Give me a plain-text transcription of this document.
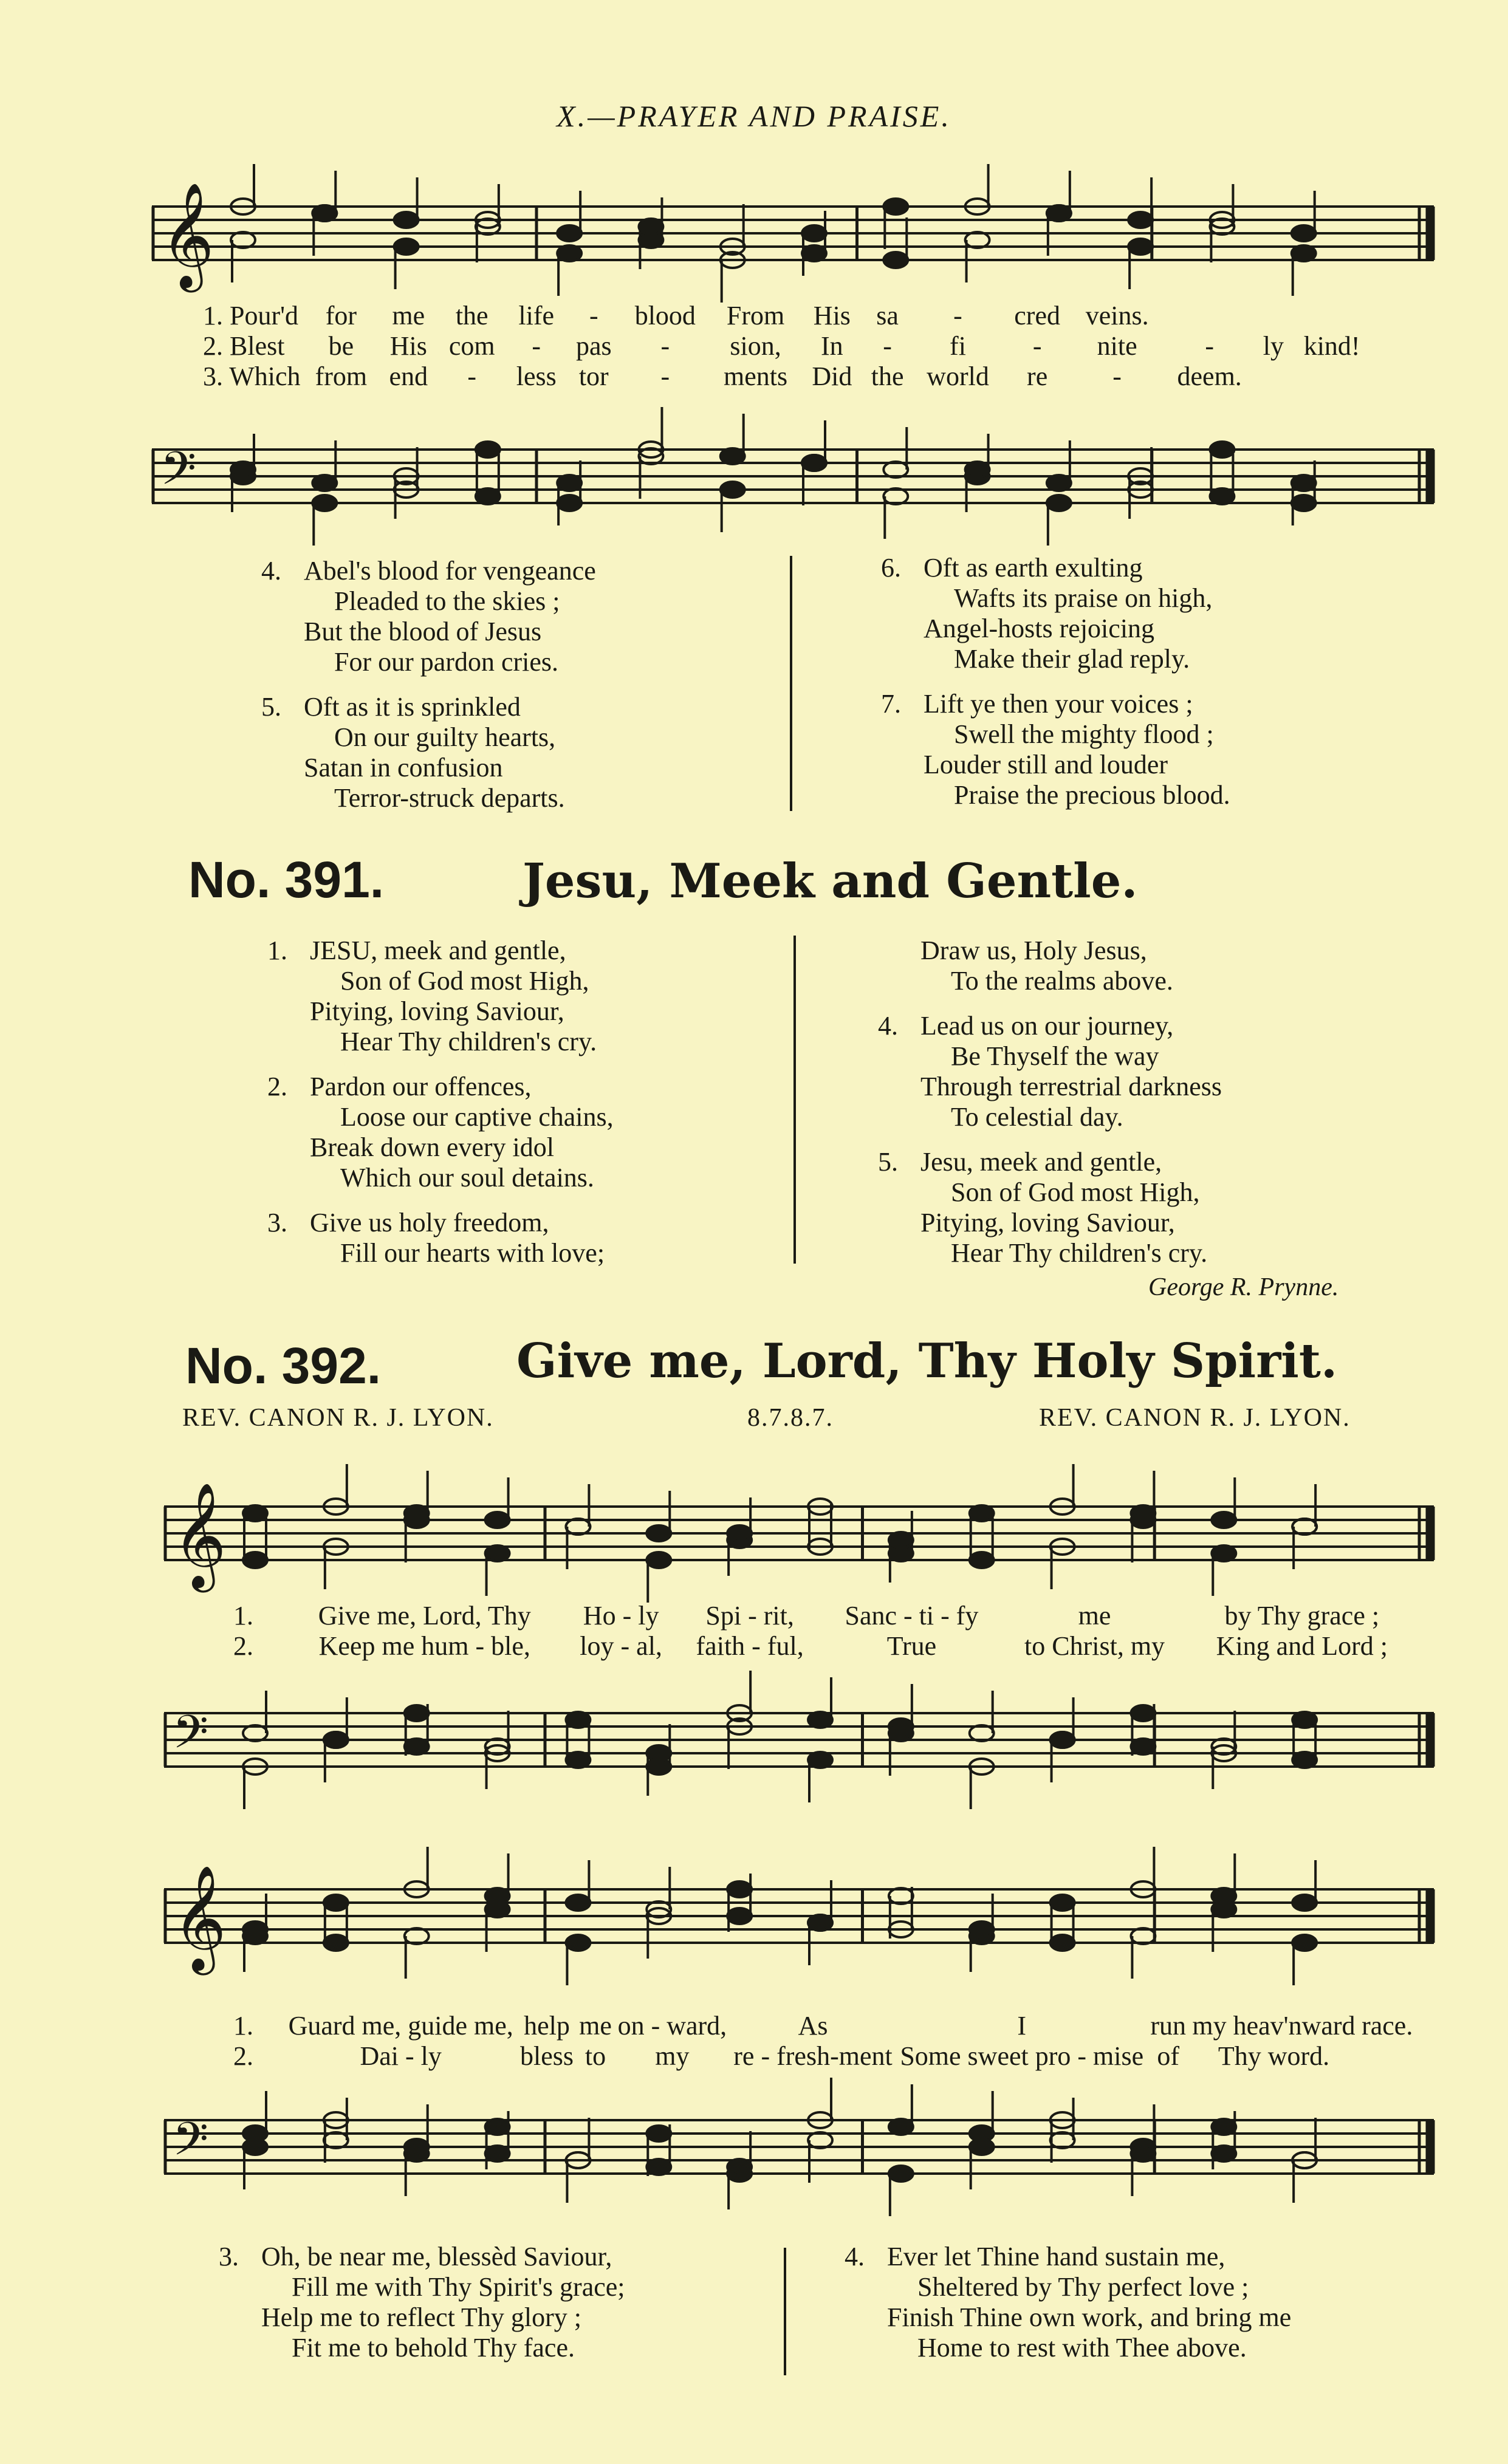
X.—PRAYER AND PRAISE.
𝄞
1. Pour'd	for	me	the	life	-	blood	From	His	sa	-	cred	veins.			
2. Blest	be	His	com	-	pas	-	sion,	In	-	fi	-	nite	-	ly	kind!
3. Which	from	end	-	less	tor	-	ments	Did	the	world	re	-	deem.		
𝄢
4. Abel's blood for vengeance
Pleaded to the skies ;
But the blood of Jesus
For our pardon cries.
5. Oft as it is sprinkled
On our guilty hearts,
Satan in confusion
Terror-struck departs.
6. Oft as earth exulting
Wafts its praise on high,
Angel-hosts rejoicing
Make their glad reply.
7. Lift ye then your voices ;
Swell the mighty flood ;
Louder still and louder
Praise the precious blood.
No. 391.	Jesu, Meek and Gentle.
1. JESU, meek and gentle,
Son of God most High,
Pitying, loving Saviour,
Hear Thy children's cry.
2. Pardon our offences,
Loose our captive chains,
Break down every idol
Which our soul detains.
3. Give us holy freedom,
Fill our hearts with love;
Draw us, Holy Jesus,
To the realms above.
4. Lead us on our journey,
Be Thyself the way
Through terrestrial darkness
To celestial day.
5. Jesu, meek and gentle,
Son of God most High,
Pitying, loving Saviour,
Hear Thy children's cry.
George R. Prynne.
No. 392.	Give me, Lord, Thy Holy Spirit.
REV. CANON R. J. LYON.	8.7.8.7.	REV. CANON R. J. LYON.
𝄞
1.	Give me, Lord, Thy	Ho - ly	Spi - rit,	Sanc - ti - fy	me	by Thy grace ;
2.	Keep me hum - ble,	loy - al,	faith - ful,	True	to Christ, my	King and Lord ;
𝄢
𝄞
1.	Guard me, guide me,	help	me	on - ward,	As	I	run	my heav'nward	race.
2.	Dai - ly	bless	to	my	re - fresh-ment	Some sweet pro - mise	of	Thy word.	
𝄢
3. Oh, be near me, blessèd Saviour,
Fill me with Thy Spirit's grace;
Help me to reflect Thy glory ;
Fit me to behold Thy face.
4. Ever let Thine hand sustain me,
Sheltered by Thy perfect love ;
Finish Thine own work, and bring me
Home to rest with Thee above.
